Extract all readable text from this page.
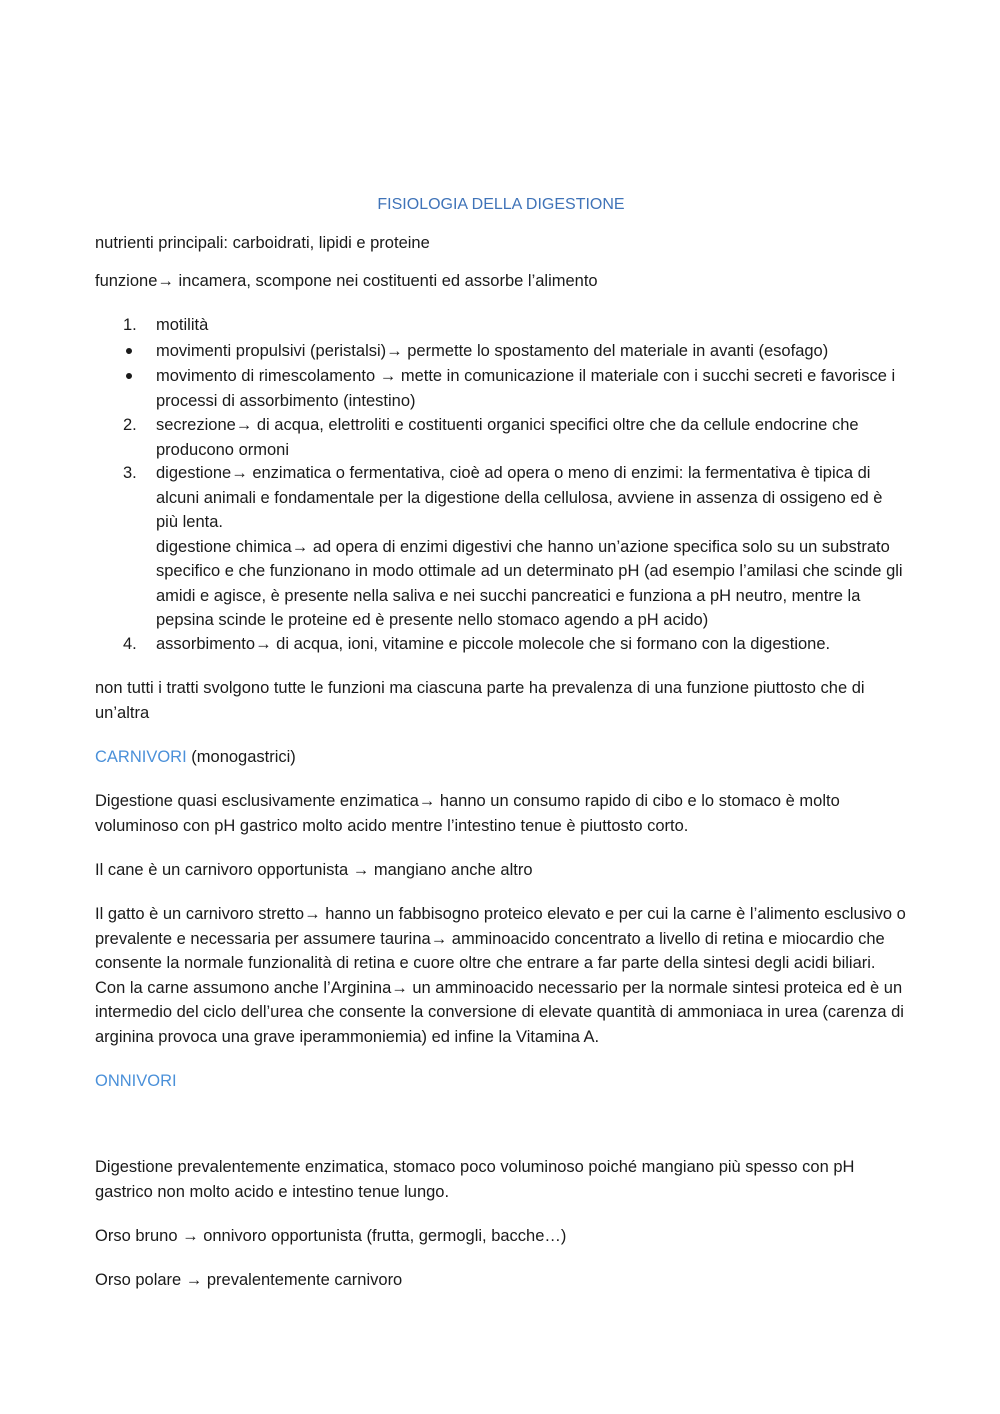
FISIOLOGIA DELLA DIGESTIONE

nutrienti principali: carboidrati, lipidi e proteine

funzione→ incamera, scompone nei costituenti ed assorbe l’alimento

1.	motilità
movimenti propulsivi (peristalsi)→ permette lo spostamento del materiale in avanti (esofago)
movimento di rimescolamento → mette in comunicazione il materiale con i succhi secreti e favorisce i processi di assorbimento (intestino)
2.	secrezione→ di acqua, elettroliti e costituenti organici specifici oltre che da cellule endocrine che producono ormoni
3.	digestione→ enzimatica o fermentativa, cioè ad opera o meno di enzimi: la fermentativa è tipica di alcuni animali e fondamentale per la digestione della cellulosa, avviene in assenza di ossigeno ed è più lenta.
digestione chimica→ ad opera di enzimi digestivi che hanno un’azione specifica solo su un substrato specifico e che funzionano in modo ottimale ad un determinato pH (ad esempio l’amilasi che scinde gli amidi e agisce, è presente nella saliva e nei succhi pancreatici e funziona a pH neutro, mentre la pepsina scinde le proteine ed è presente nello stomaco agendo a pH acido)
4.	assorbimento→ di acqua, ioni, vitamine e piccole molecole che si formano con la digestione.

non tutti i tratti svolgono tutte le funzioni ma ciascuna parte ha prevalenza di una funzione piuttosto che di un’altra

CARNIVORI (monogastrici)

Digestione quasi esclusivamente enzimatica→ hanno un consumo rapido di cibo e lo stomaco è molto voluminoso con pH gastrico molto acido mentre l’intestino tenue è piuttosto corto.

Il cane è un carnivoro opportunista → mangiano anche altro

Il gatto è un carnivoro stretto→ hanno un fabbisogno proteico elevato e per cui la carne è l’alimento esclusivo o prevalente e necessaria per assumere taurina→ amminoacido concentrato a livello di retina e miocardio che consente la normale funzionalità di retina e cuore oltre che entrare a far parte della sintesi degli acidi biliari. Con la carne assumono anche l’Arginina→ un amminoacido necessario per la normale sintesi proteica ed è un intermedio del ciclo dell’urea che consente la conversione di elevate quantità di ammoniaca in urea (carenza di arginina provoca una grave iperammoniemia) ed infine la Vitamina A.

ONNIVORI

Digestione prevalentemente enzimatica, stomaco poco voluminoso poiché mangiano più spesso con pH gastrico non molto acido e intestino tenue lungo.

Orso bruno → onnivoro opportunista (frutta, germogli, bacche…)

Orso polare → prevalentemente carnivoro
